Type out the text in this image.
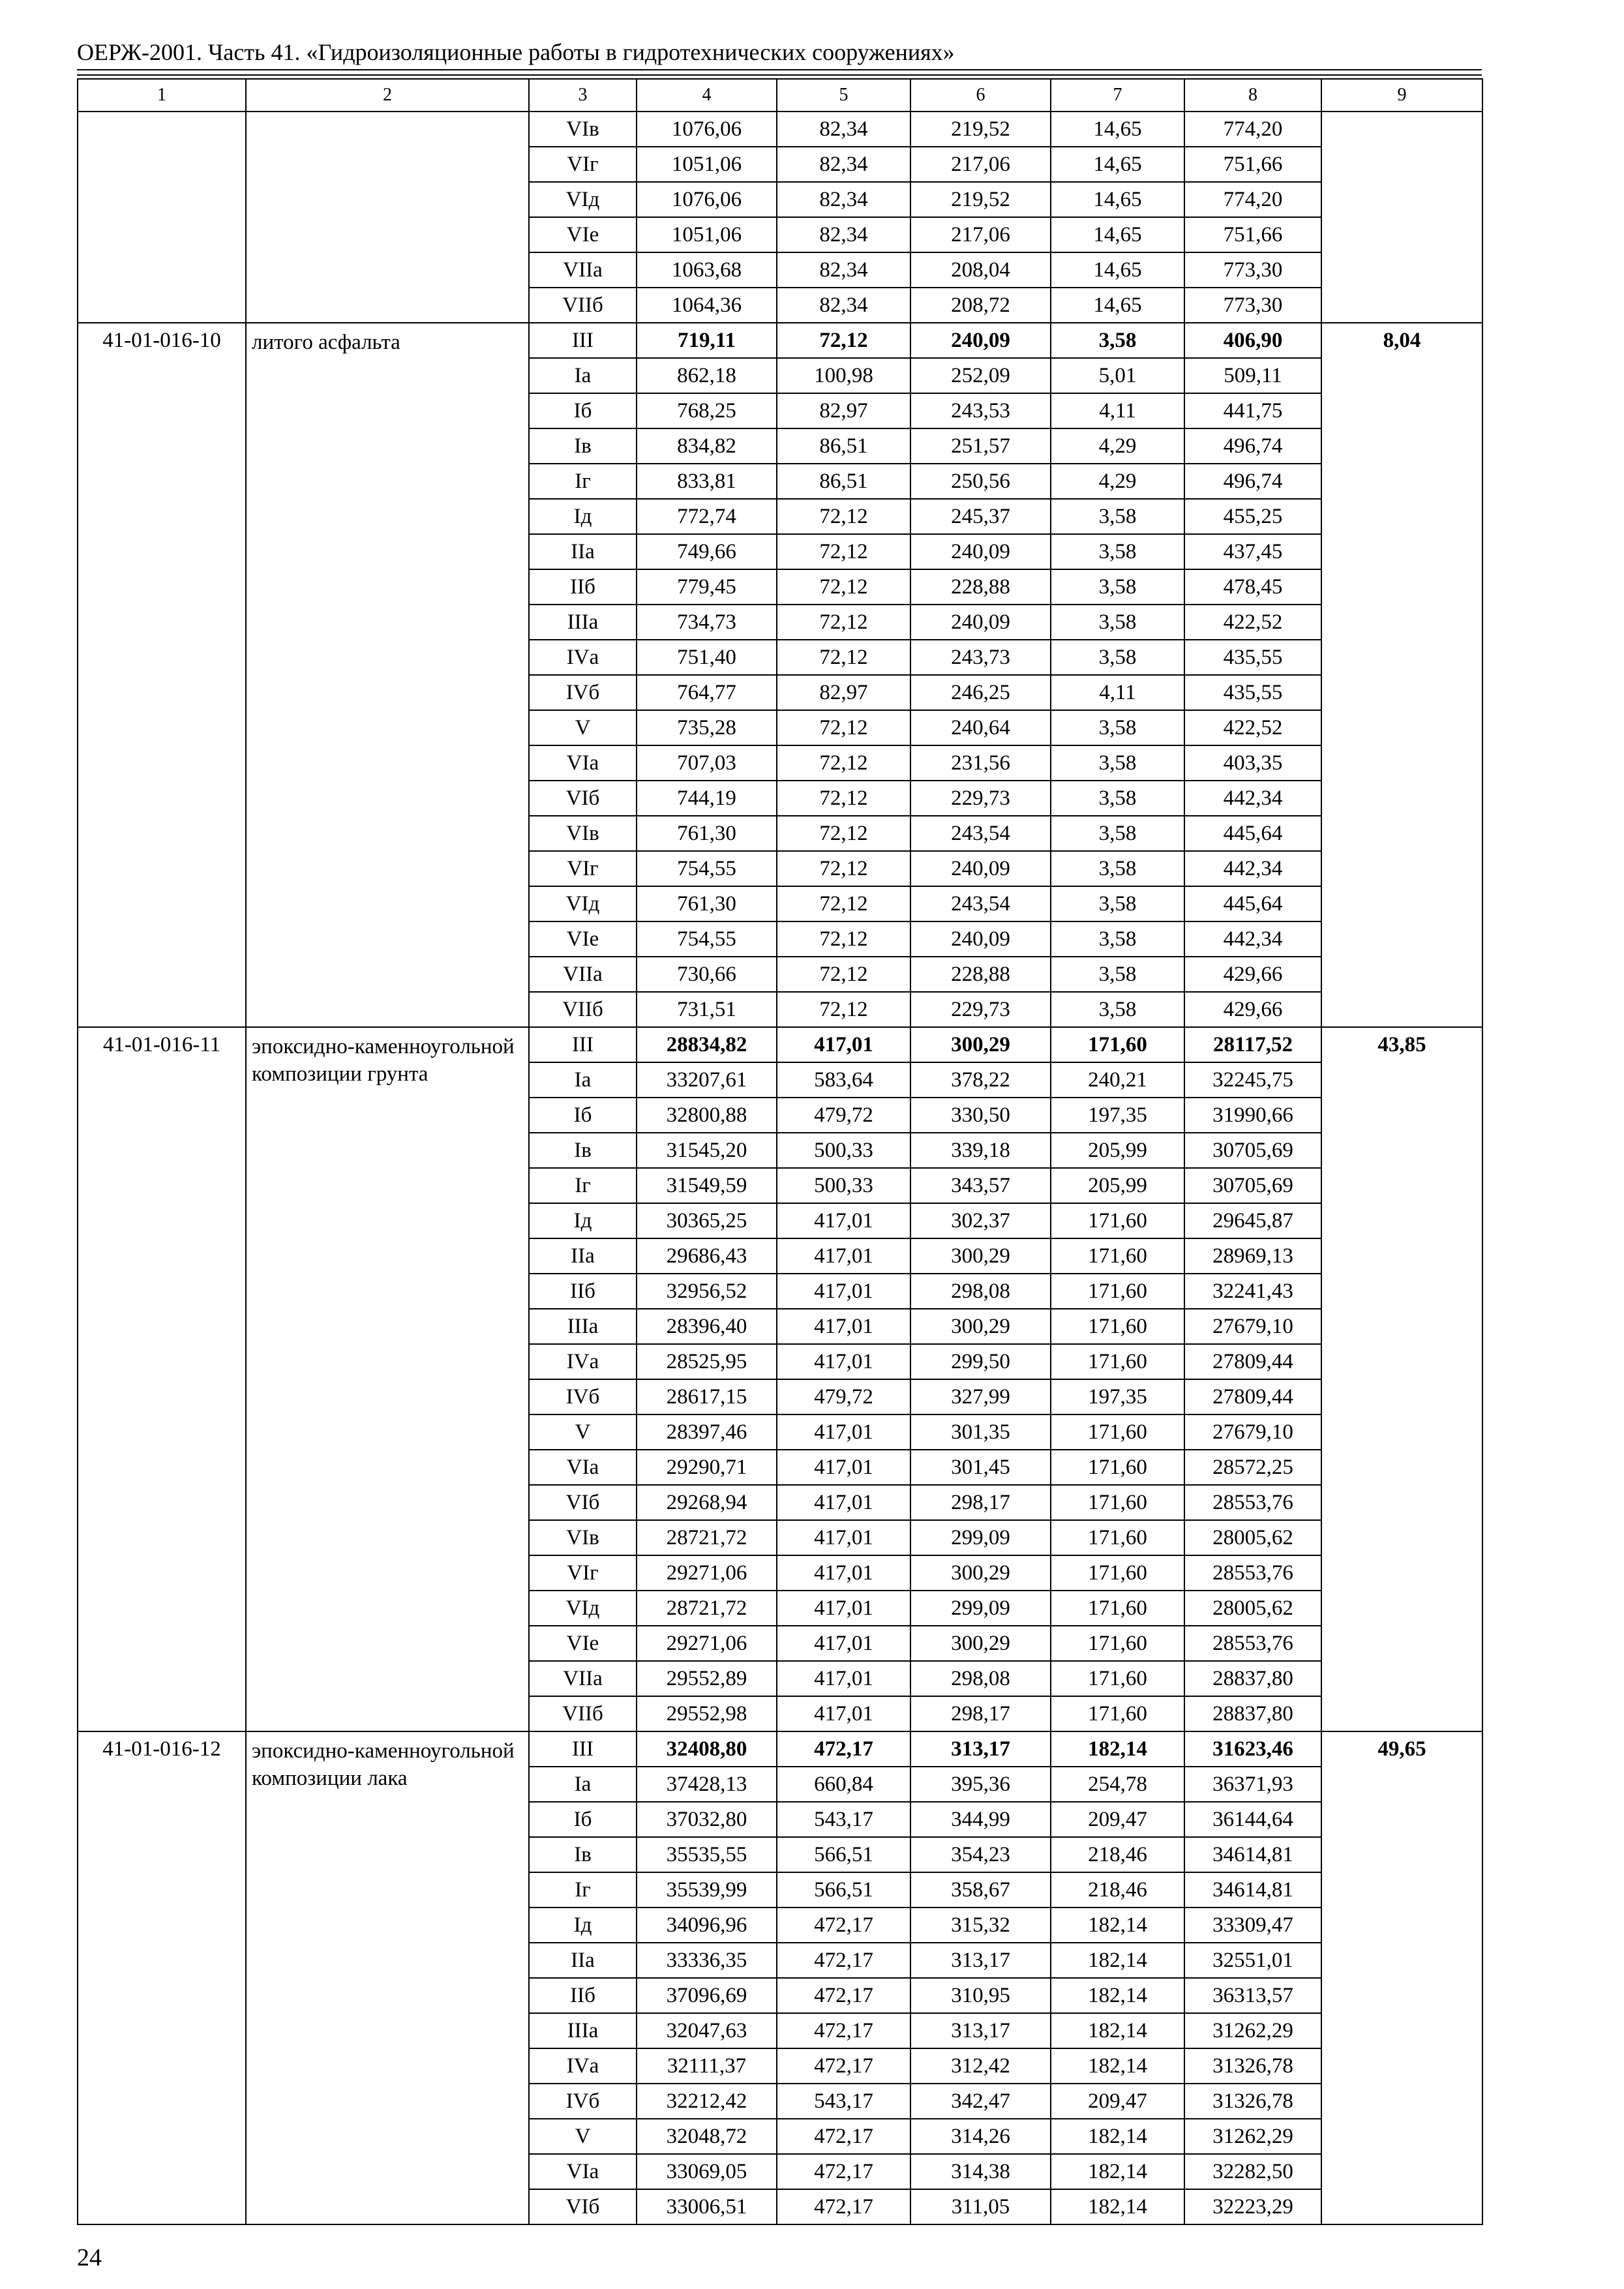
ОЕРЖ-2001. Часть 41. «Гидроизоляционные работы в гидротехнических сооружениях»
1	2	3	4	5	6	7	8	9
		VIв	1076,06	82,34	219,52	14,65	774,20	
		VIг	1051,06	82,34	217,06	14,65	751,66	
		VIд	1076,06	82,34	219,52	14,65	774,20	
		VIе	1051,06	82,34	217,06	14,65	751,66	
		VIIа	1063,68	82,34	208,04	14,65	773,30	
		VIIб	1064,36	82,34	208,72	14,65	773,30	
41-01-016-10	литого асфальта	III	719,11	72,12	240,09	3,58	406,90	8,04
		Iа	862,18	100,98	252,09	5,01	509,11	
		Iб	768,25	82,97	243,53	4,11	441,75	
		Iв	834,82	86,51	251,57	4,29	496,74	
		Iг	833,81	86,51	250,56	4,29	496,74	
		Iд	772,74	72,12	245,37	3,58	455,25	
		IIа	749,66	72,12	240,09	3,58	437,45	
		IIб	779,45	72,12	228,88	3,58	478,45	
		IIIа	734,73	72,12	240,09	3,58	422,52	
		IVа	751,40	72,12	243,73	3,58	435,55	
		IVб	764,77	82,97	246,25	4,11	435,55	
		V	735,28	72,12	240,64	3,58	422,52	
		VIа	707,03	72,12	231,56	3,58	403,35	
		VIб	744,19	72,12	229,73	3,58	442,34	
		VIв	761,30	72,12	243,54	3,58	445,64	
		VIг	754,55	72,12	240,09	3,58	442,34	
		VIд	761,30	72,12	243,54	3,58	445,64	
		VIе	754,55	72,12	240,09	3,58	442,34	
		VIIа	730,66	72,12	228,88	3,58	429,66	
		VIIб	731,51	72,12	229,73	3,58	429,66	
41-01-016-11	эпоксидно-каменноугольной композиции грунта	III	28834,82	417,01	300,29	171,60	28117,52	43,85
		Iа	33207,61	583,64	378,22	240,21	32245,75	
		Iб	32800,88	479,72	330,50	197,35	31990,66	
		Iв	31545,20	500,33	339,18	205,99	30705,69	
		Iг	31549,59	500,33	343,57	205,99	30705,69	
		Iд	30365,25	417,01	302,37	171,60	29645,87	
		IIа	29686,43	417,01	300,29	171,60	28969,13	
		IIб	32956,52	417,01	298,08	171,60	32241,43	
		IIIа	28396,40	417,01	300,29	171,60	27679,10	
		IVа	28525,95	417,01	299,50	171,60	27809,44	
		IVб	28617,15	479,72	327,99	197,35	27809,44	
		V	28397,46	417,01	301,35	171,60	27679,10	
		VIа	29290,71	417,01	301,45	171,60	28572,25	
		VIб	29268,94	417,01	298,17	171,60	28553,76	
		VIв	28721,72	417,01	299,09	171,60	28005,62	
		VIг	29271,06	417,01	300,29	171,60	28553,76	
		VIд	28721,72	417,01	299,09	171,60	28005,62	
		VIе	29271,06	417,01	300,29	171,60	28553,76	
		VIIа	29552,89	417,01	298,08	171,60	28837,80	
		VIIб	29552,98	417,01	298,17	171,60	28837,80	
41-01-016-12	эпоксидно-каменноугольной композиции лака	III	32408,80	472,17	313,17	182,14	31623,46	49,65
		Iа	37428,13	660,84	395,36	254,78	36371,93	
		Iб	37032,80	543,17	344,99	209,47	36144,64	
		Iв	35535,55	566,51	354,23	218,46	34614,81	
		Iг	35539,99	566,51	358,67	218,46	34614,81	
		Iд	34096,96	472,17	315,32	182,14	33309,47	
		IIа	33336,35	472,17	313,17	182,14	32551,01	
		IIб	37096,69	472,17	310,95	182,14	36313,57	
		IIIа	32047,63	472,17	313,17	182,14	31262,29	
		IVа	32111,37	472,17	312,42	182,14	31326,78	
		IVб	32212,42	543,17	342,47	209,47	31326,78	
		V	32048,72	472,17	314,26	182,14	31262,29	
		VIа	33069,05	472,17	314,38	182,14	32282,50	
		VIб	33006,51	472,17	311,05	182,14	32223,29	
24
